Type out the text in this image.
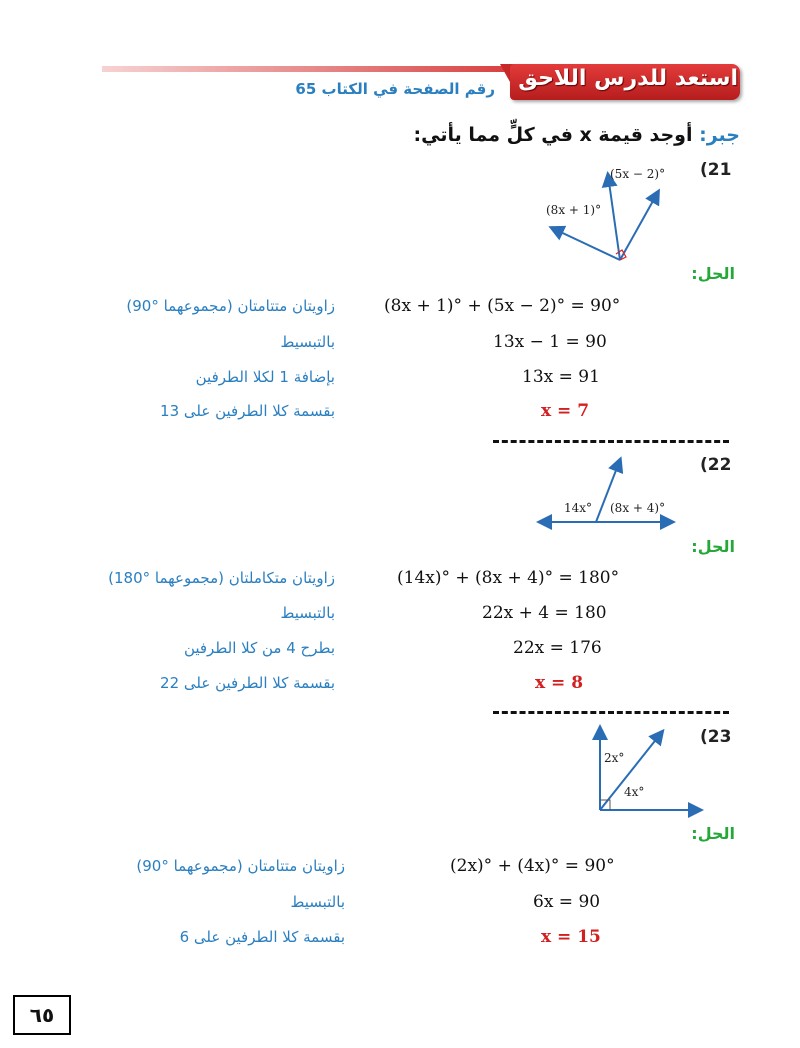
استعد للدرس اللاحق
رقم الصفحة في الكتاب 65
جبر: أوجد قيمة x في كلٍّ مما يأتي:
(21
(5x − 2)°
(8x + 1)°
الحل:
زاويتان متتامتان (مجموعهما °90)	(8x + 1)° + (5x − 2)° = 90°
بالتبسيط	13x − 1 = 90
بإضافة 1 لكلا الطرفين	13x = 91
بقسمة كلا الطرفين على 13	x = 7
(22
14x° (8x + 4)°
الحل:
زاويتان متكاملتان (مجموعهما °180)	(14x)° + (8x + 4)° = 180°
بالتبسيط	22x + 4 = 180
بطرح 4 من كلا الطرفين	22x = 176
بقسمة كلا الطرفين على 22	x = 8
(23
2x°
4x°
الحل:
زاويتان متتامتان (مجموعهما °90)	(2x)° + (4x)° = 90°
بالتبسيط	6x = 90
بقسمة كلا الطرفين على 6	x = 15
٦٥
